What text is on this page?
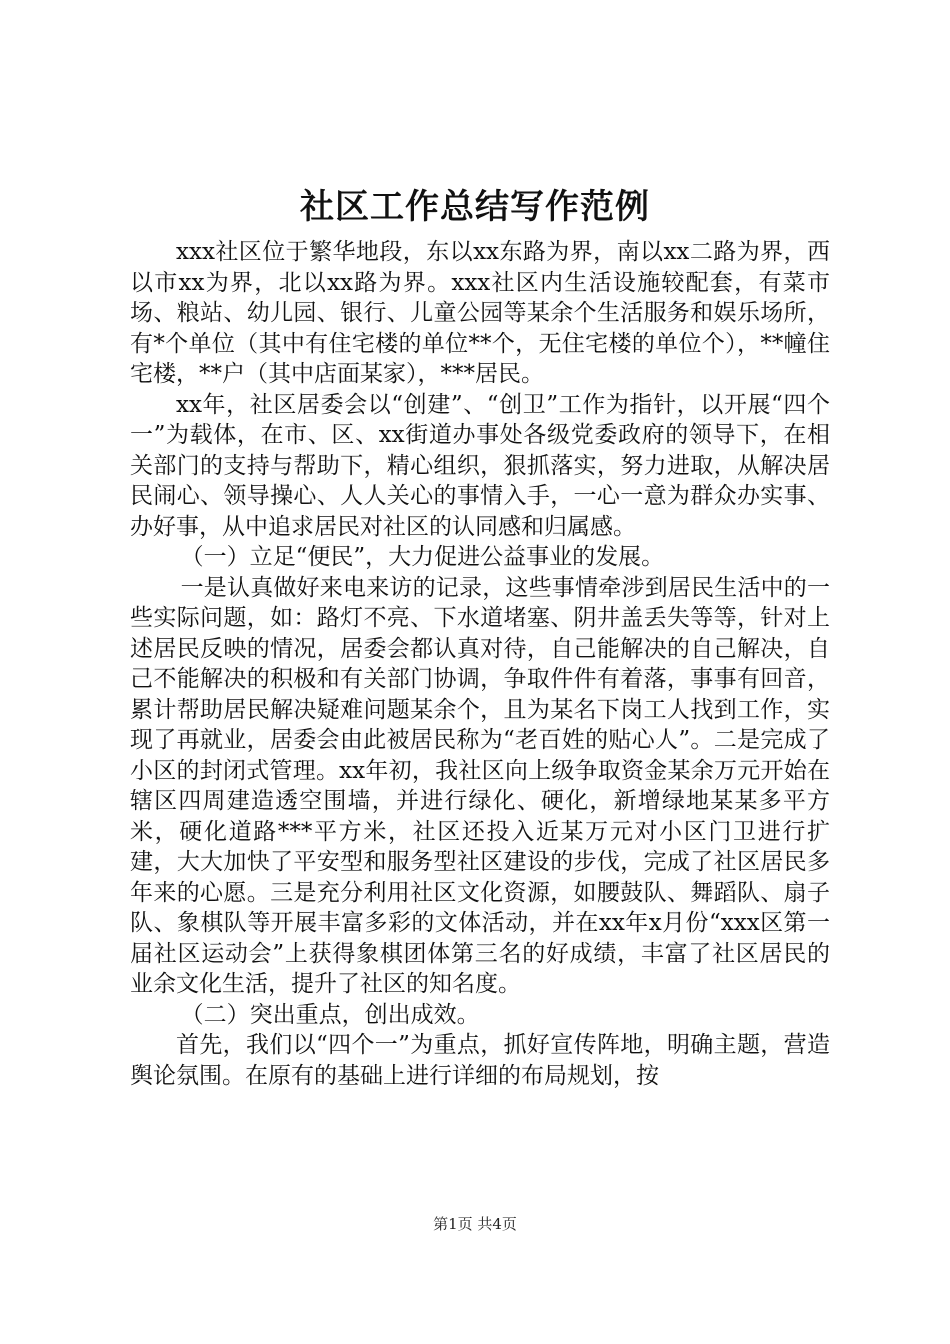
社区工作总结写作范例

xxx社区位于繁华地段，东以xx东路为界，南以xx二路为界，西以市xx为界，北以xx路为界。xxx社区内生活设施较配套，有菜市场、粮站、幼儿园、银行、儿童公园等某余个生活服务和娱乐场所，有*个单位（其中有住宅楼的单位**个，无住宅楼的单位个），**幢住宅楼，**户（其中店面某家），***居民。

xx年，社区居委会以“创建”、“创卫”工作为指针，以开展“四个一”为载体，在市、区、xx街道办事处各级党委政府的领导下，在相关部门的支持与帮助下，精心组织，狠抓落实，努力进取，从解决居民闹心、领导操心、人人关心的事情入手，一心一意为群众办实事、办好事，从中追求居民对社区的认同感和归属感。

（一）立足“便民”，大力促进公益事业的发展。

一是认真做好来电来访的记录，这些事情牵涉到居民生活中的一些实际问题，如：路灯不亮、下水道堵塞、阴井盖丢失等等，针对上述居民反映的情况，居委会都认真对待，自己能解决的自己解决，自己不能解决的积极和有关部门协调，争取件件有着落，事事有回音，累计帮助居民解决疑难问题某余个，且为某名下岗工人找到工作，实现了再就业，居委会由此被居民称为“老百姓的贴心人”。二是完成了小区的封闭式管理。xx年初，我社区向上级争取资金某余万元开始在辖区四周建造透空围墙，并进行绿化、硬化，新增绿地某某多平方米，硬化道路***平方米，社区还投入近某万元对小区门卫进行扩建，大大加快了平安型和服务型社区建设的步伐，完成了社区居民多年来的心愿。三是充分利用社区文化资源，如腰鼓队、舞蹈队、扇子队、象棋队等开展丰富多彩的文体活动，并在xx年x月份“xxx区第一届社区运动会”上获得象棋团体第三名的好成绩，丰富了社区居民的业余文化生活，提升了社区的知名度。

（二）突出重点，创出成效。

首先，我们以“四个一”为重点，抓好宣传阵地，明确主题，营造舆论氛围。在原有的基础上进行详细的布局规划，按

第1页 共4页
